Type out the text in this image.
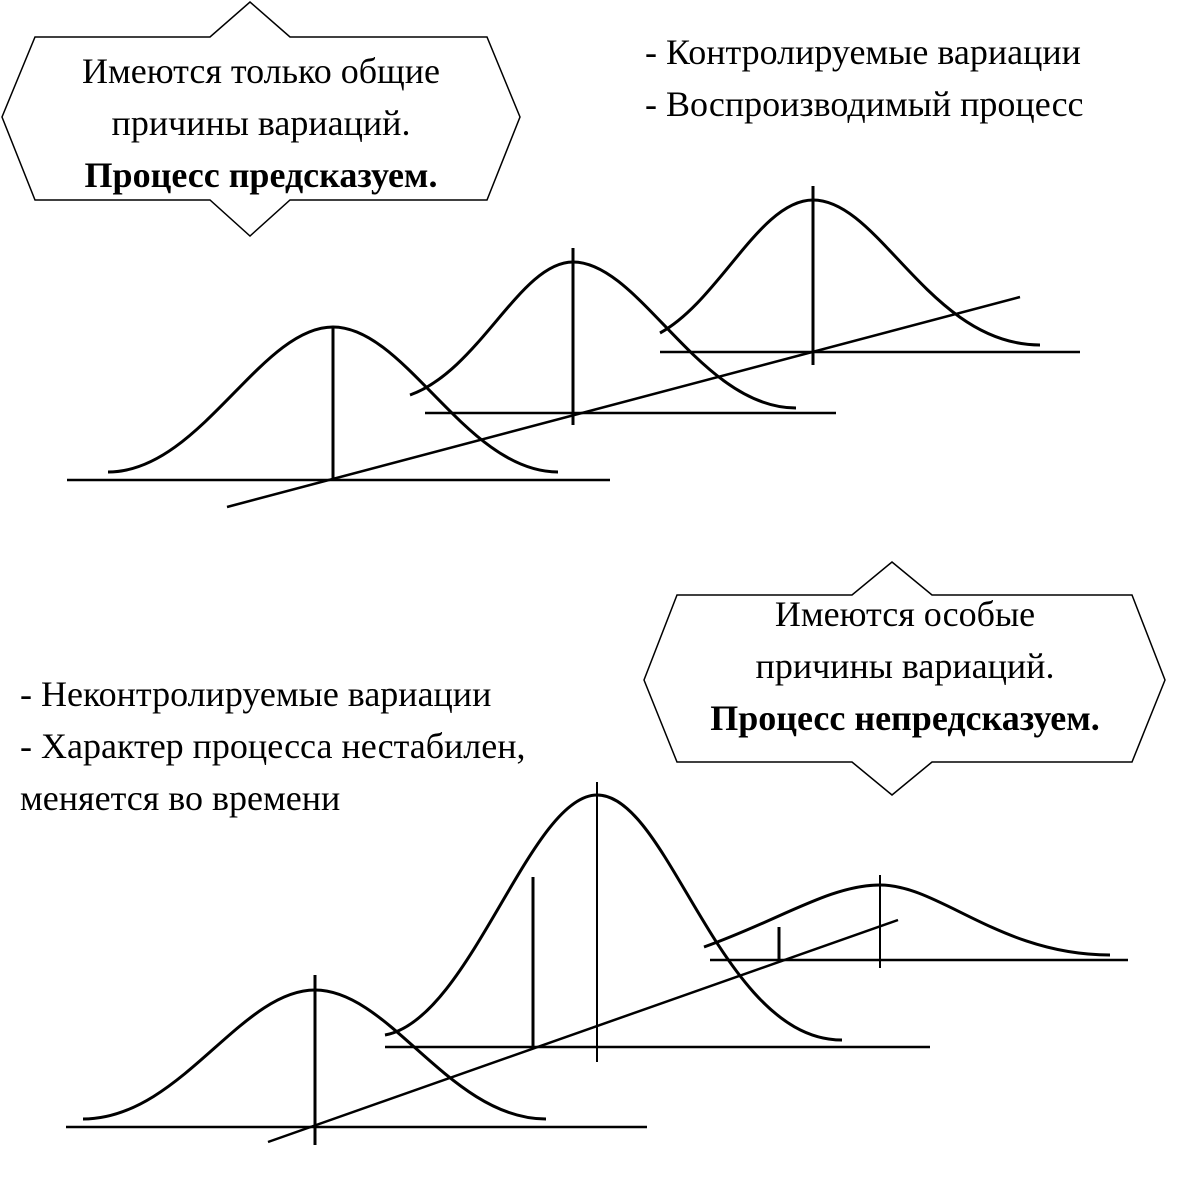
Имеются только общие
причины вариаций.
Процесс предсказуем.
- Контролируемые вариации
- Воспроизводимый процесс
Имеются особые
причины вариаций.
Процесс непредсказуем.
- Неконтролируемые вариации
- Характер процесса нестабилен,
меняется во времени
